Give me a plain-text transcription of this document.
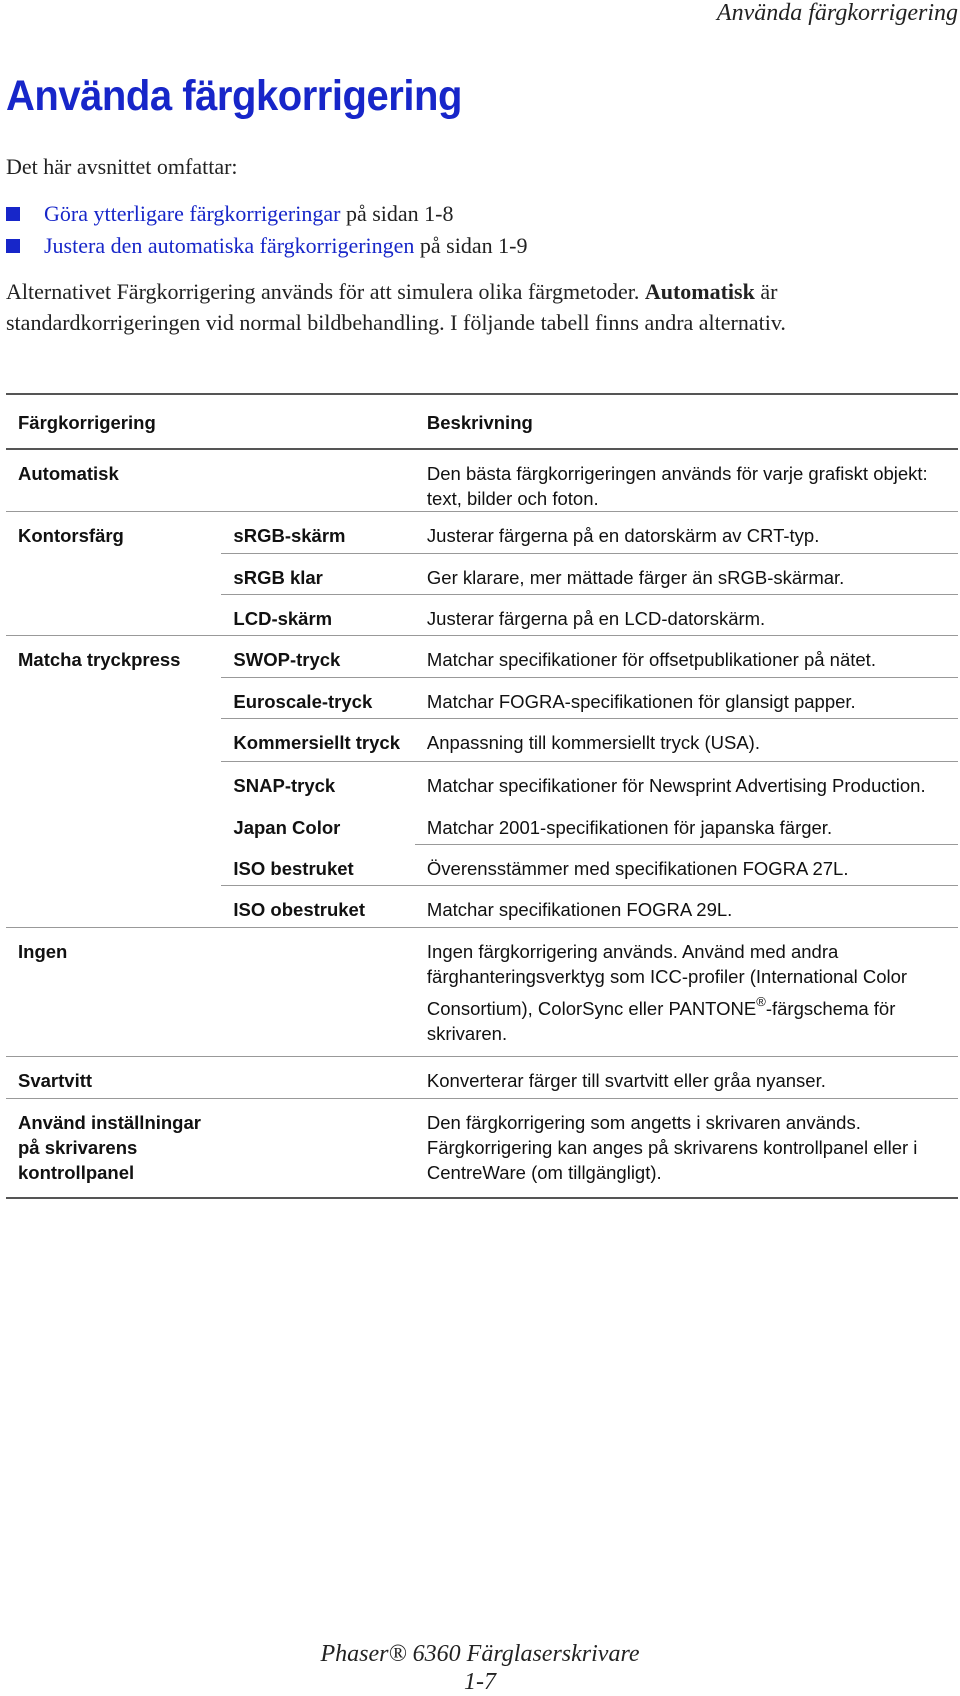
Använda färgkorrigering
Använda färgkorrigering
Det här avsnittet omfattar:
Göra ytterligare färgkorrigeringar på sidan 1-8
Justera den automatiska färgkorrigeringen på sidan 1-9

Alternativet Färgkorrigering används för att simulera olika färgmetoder. Automatisk är standardkorrigeringen vid normal bildbehandling. I följande tabell finns andra alternativ.

Färgkorrigering		Beskrivning
Automatisk		Den bästa färgkorrigeringen används för varje grafiskt objekt: text, bilder och foton.
Kontorsfärg	sRGB-skärm	Justerar färgerna på en datorskärm av CRT-typ.
	sRGB klar	Ger klarare, mer mättade färger än sRGB-skärmar.
	LCD-skärm	Justerar färgerna på en LCD-datorskärm.
Matcha tryckpress	SWOP-tryck	Matchar specifikationer för offsetpublikationer på nätet.
	Euroscale-tryck	Matchar FOGRA-specifikationen för glansigt papper.
	Kommersiellt tryck	Anpassning till kommersiellt tryck (USA).
	SNAP-tryck	Matchar specifikationer för Newsprint Advertising Production.
	Japan Color	Matchar 2001-specifikationen för japanska färger.
	ISO bestruket	Överensstämmer med specifikationen FOGRA 27L.
	ISO obestruket	Matchar specifikationen FOGRA 29L.
Ingen		Ingen färgkorrigering används. Använd med andra färghanteringsverktyg som ICC-profiler (International Color Consortium), ColorSync eller PANTONE®-färgschema för skrivaren.
Svartvitt		Konverterar färger till svartvitt eller gråa nyanser.
Använd inställningar på skrivarens kontrollpanel		Den färgkorrigering som angetts i skrivaren används. Färgkorrigering kan anges på skrivarens kontrollpanel eller i CentreWare (om tillgängligt).
Phaser® 6360 Färglaserskrivare
1-7
